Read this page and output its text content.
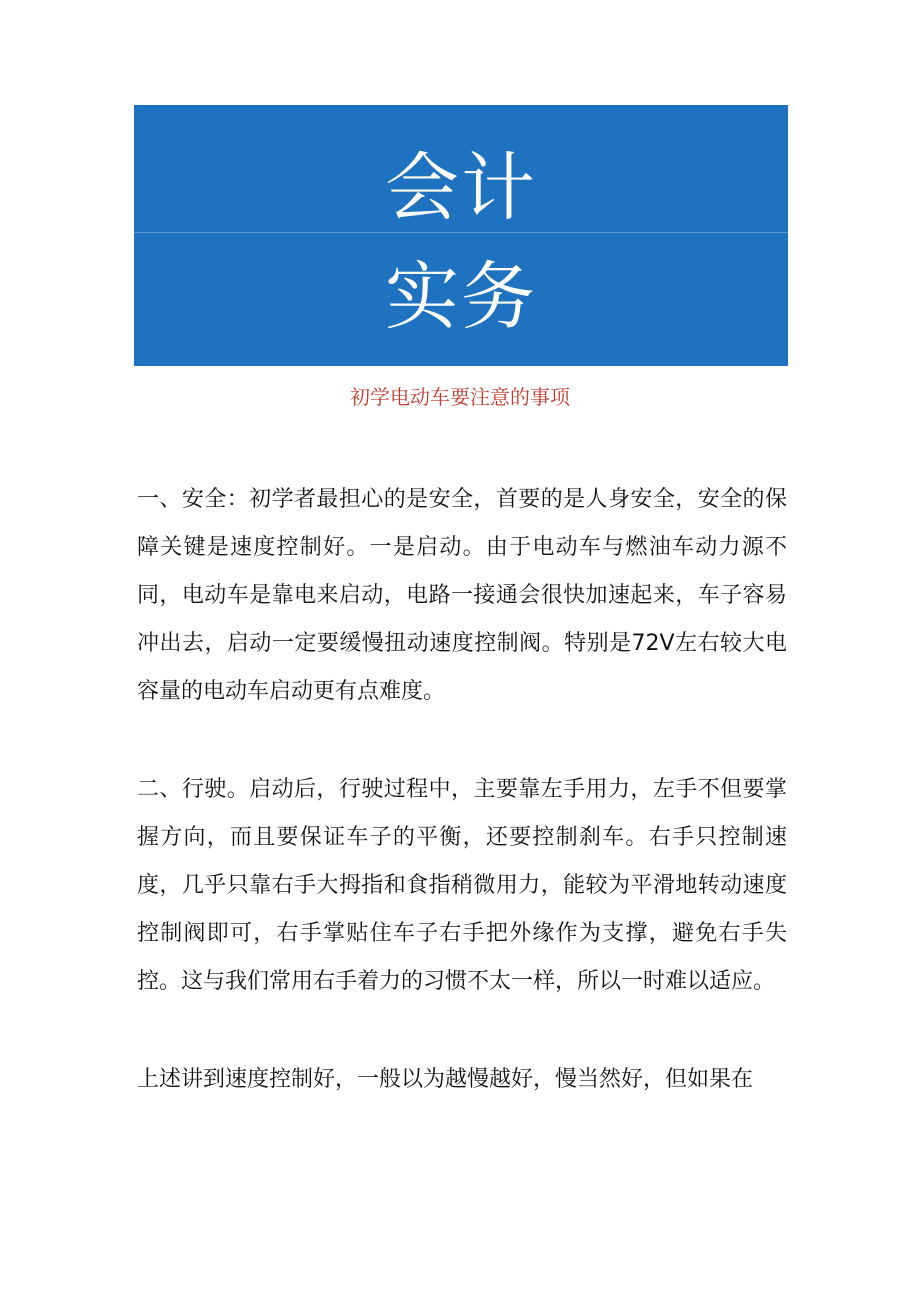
会计
实务
初学电动车要注意的事项

一、安全：初学者最担心的是安全，首要的是人身安全，安全的保障关键是速度控制好。一是启动。由于电动车与燃油车动力源不同，电动车是靠电来启动，电路一接通会很快加速起来，车子容易冲出去，启动一定要缓慢扭动速度控制阀。特别是72V左右较大电容量的电动车启动更有点难度。

二、行驶。启动后，行驶过程中，主要靠左手用力，左手不但要掌握方向，而且要保证车子的平衡，还要控制刹车。右手只控制速度，几乎只靠右手大拇指和食指稍微用力，能较为平滑地转动速度控制阀即可，右手掌贴住车子右手把外缘作为支撑，避免右手失控。这与我们常用右手着力的习惯不太一样，所以一时难以适应。

上述讲到速度控制好，一般以为越慢越好，慢当然好，但如果在
